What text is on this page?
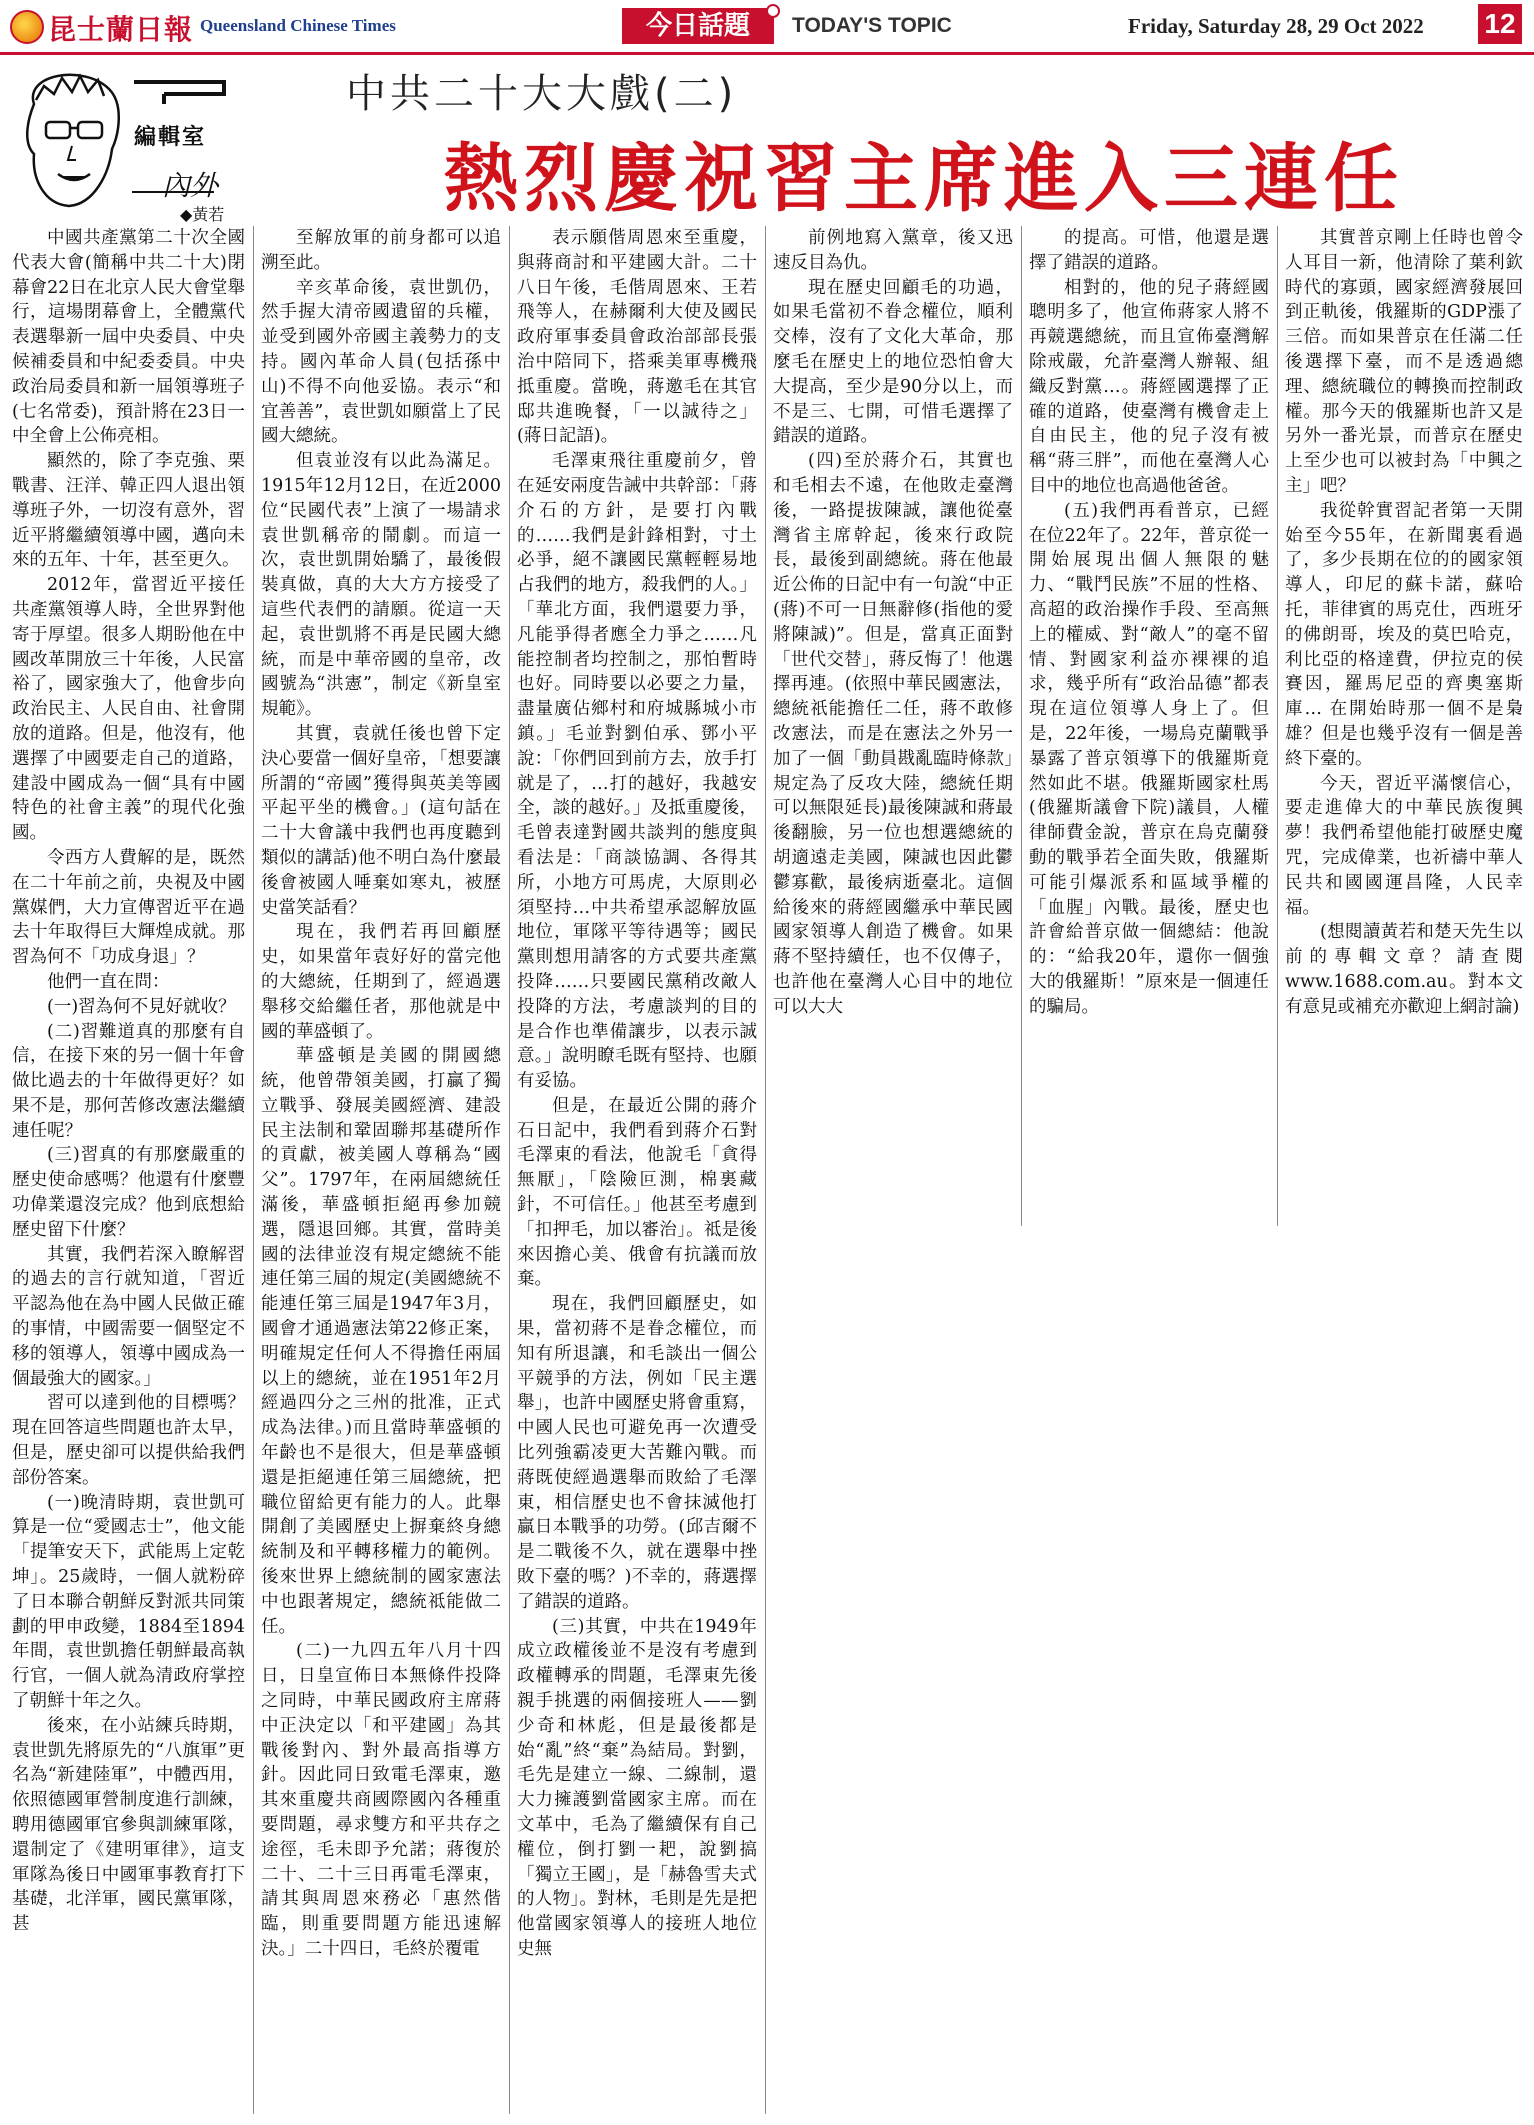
昆士蘭日報 Queensland Chinese Times	今日話題	TODAY'S TOPIC	Friday, Saturday 28, 29 Oct 2022 12
編輯室
內外
◆黃若
中共二十大大戲(二)
熱烈慶祝習主席進入三連任

中國共產黨第二十次全國代表大會(簡稱中共二十大)閉幕會22日在北京人民大會堂舉行，這場閉幕會上，全體黨代表選舉新一屆中央委員、中央候補委員和中紀委委員。中央政治局委員和新一屆領導班子(七名常委)，預計將在23日一中全會上公佈亮相。

顯然的，除了李克強、栗戰書、汪洋、韓正四人退出領導班子外，一切沒有意外，習近平將繼續領導中國，邁向未來的五年、十年，甚至更久。

2012年，當習近平接任共產黨領導人時，全世界對他寄于厚望。很多人期盼他在中國改革開放三十年後，人民富裕了，國家強大了，他會步向政治民主、人民自由、社會開放的道路。但是，他沒有，他選擇了中國要走自己的道路，建設中國成為一個“具有中國特色的社會主義”的現代化強國。

令西方人費解的是，既然在二十年前之前，央視及中國黨媒們，大力宣傳習近平在過去十年取得巨大輝煌成就。那習為何不「功成身退」？

他們一直在問：

(一)習為何不見好就收？

(二)習難道真的那麼有自信，在接下來的另一個十年會做比過去的十年做得更好？如果不是，那何苦修改憲法繼續連任呢？

(三)習真的有那麼嚴重的歷史使命感嗎？他還有什麼豐功偉業還沒完成？他到底想給歷史留下什麼？

其實，我們若深入瞭解習的過去的言行就知道，「習近平認為他在為中國人民做正確的事情，中國需要一個堅定不移的領導人，領導中國成為一個最強大的國家。」

習可以達到他的目標嗎？現在回答這些問題也許太早，但是，歷史卻可以提供給我們部份答案。

(一)晚清時期，袁世凱可算是一位“愛國志士”，他文能「提筆安天下，武能馬上定乾坤」。25歲時，一個人就粉碎了日本聯合朝鮮反對派共同策劃的甲申政變，1884至1894年間，袁世凱擔任朝鮮最高執行官，一個人就為清政府掌控了朝鮮十年之久。

後來，在小站練兵時期，袁世凱先將原先的“八旗軍”更名為“新建陸軍”，中體西用，依照德國軍營制度進行訓練，聘用德國軍官參與訓練軍隊，還制定了《建明軍律》，這支軍隊為後日中國軍事教育打下基礎，北洋軍，國民黨軍隊，甚

至解放軍的前身都可以追溯至此。

辛亥革命後，袁世凱仍，然手握大清帝國遺留的兵權，並受到國外帝國主義勢力的支持。國內革命人員(包括孫中山)不得不向他妥協。表示“和宜善善”，袁世凱如願當上了民國大總統。

但袁並沒有以此為滿足。1915年12月12日，在近2000位“民國代表”上演了一場請求袁世凱稱帝的鬧劇。而這一次，袁世凱開始驕了，最後假裝真做，真的大大方方接受了這些代表們的請願。從這一天起，袁世凱將不再是民國大總統，而是中華帝國的皇帝，改國號為“洪憲”，制定《新皇室規範》。

其實，袁就任後也曾下定決心要當一個好皇帝，「想要讓所謂的“帝國”獲得與英美等國平起平坐的機會。」(這句話在二十大會議中我們也再度聽到類似的講話)他不明白為什麼最後會被國人唾棄如寒丸，被歷史當笑話看？

現在，我們若再回顧歷史，如果當年袁好好的當完他的大總統，任期到了，經過選舉移交給繼任者，那他就是中國的華盛頓了。

華盛頓是美國的開國總統，他曾帶領美國，打贏了獨立戰爭、發展美國經濟、建設民主法制和鞏固聯邦基礎所作的貢獻，被美國人尊稱為“國父”。1797年，在兩屆總統任滿後，華盛頓拒絕再參加競選，隱退回鄉。其實，當時美國的法律並沒有規定總統不能連任第三屆的規定(美國總統不能連任第三屆是1947年3月，國會才通過憲法第22修正案，明確規定任何人不得擔任兩屆以上的總統，並在1951年2月經過四分之三州的批准，正式成為法律。)而且當時華盛頓的年齡也不是很大，但是華盛頓還是拒絕連任第三屆總統，把職位留給更有能力的人。此舉開創了美國歷史上摒棄終身總統制及和平轉移權力的範例。後來世界上總統制的國家憲法中也跟著規定，總統祗能做二任。

(二)一九四五年八月十四日，日皇宣佈日本無條件投降之同時，中華民國政府主席蔣中正決定以「和平建國」為其戰後對內、對外最高指導方針。因此同日致電毛澤東，邀其來重慶共商國際國內各種重要問題，尋求雙方和平共存之途徑，毛未即予允諾；蔣復於二十、二十三日再電毛澤東，請其與周恩來務必「惠然偕臨，則重要問題方能迅速解決。」二十四日，毛終於覆電

表示願偕周恩來至重慶，與蔣商討和平建國大計。二十八日午後，毛偕周恩來、王若飛等人，在赫爾利大使及國民政府軍事委員會政治部部長張治中陪同下，搭乘美軍專機飛抵重慶。當晚，蔣邀毛在其官邸共進晚餐，「一以誠待之」(蔣日記語)。

毛澤東飛往重慶前夕，曾在延安兩度告誡中共幹部：「蔣介石的方針，是要打內戰的……我們是針鋒相對，寸土必爭，絕不讓國民黨輕輕易地占我們的地方，殺我們的人。」「華北方面，我們還要力爭，凡能爭得者應全力爭之……凡能控制者均控制之，那怕暫時也好。同時要以必要之力量，盡量廣佔鄉村和府城縣城小市鎮。」毛並對劉伯承、鄧小平說：「你們回到前方去，放手打就是了，…打的越好，我越安全，談的越好。」及抵重慶後，毛曾表達對國共談判的態度與看法是：「商談協調、各得其所，小地方可馬虎，大原則必須堅持…中共希望承認解放區地位，軍隊平等待遇等；國民黨則想用請客的方式要共產黨投降……只要國民黨稍改敵人投降的方法，考慮談判的目的是合作也準備讓步，以表示誠意。」說明瞭毛既有堅持、也願有妥協。

但是，在最近公開的蔣介石日記中，我們看到蔣介石對毛澤東的看法，他說毛「貪得無厭」，「陰險叵測，棉裏藏針，不可信任。」他甚至考慮到「扣押毛，加以審治」。祗是後來因擔心美、俄會有抗議而放棄。

現在，我們回顧歷史，如果，當初蔣不是眷念權位，而知有所退讓，和毛談出一個公平競爭的方法，例如「民主選舉」，也許中國歷史將會重寫，中國人民也可避免再一次遭受比列強霸凌更大苦難內戰。而蔣既使經過選舉而敗給了毛澤東，相信歷史也不會抹滅他打贏日本戰爭的功勞。(邱吉爾不是二戰後不久，就在選舉中挫敗下臺的嗎？)不幸的，蔣選擇了錯誤的道路。

(三)其實，中共在1949年成立政權後並不是沒有考慮到政權轉承的問題，毛澤東先後親手挑選的兩個接班人——劉少奇和林彪，但是最後都是始“亂”終“棄”為結局。對劉，毛先是建立一線、二線制，還大力擁護劉當國家主席。而在文革中，毛為了繼續保有自己權位，倒打劉一耙，說劉搞「獨立王國」，是「赫魯雪夫式的人物」。對林，毛則是先是把他當國家領導人的接班人地位史無

前例地寫入黨章，後又迅速反目為仇。

現在歷史回顧毛的功過，如果毛當初不眷念權位，順利交棒，沒有了文化大革命，那麼毛在歷史上的地位恐怕會大大提高，至少是90分以上，而不是三、七開，可惜毛選擇了錯誤的道路。

(四)至於蔣介石，其實也和毛相去不遠，在他敗走臺灣後，一路提拔陳誠，讓他從臺灣省主席幹起，後來行政院長，最後到副總統。蔣在他最近公佈的日記中有一句說“中正(蔣)不可一日無辭修(指他的愛將陳誠)”。但是，當真正面對「世代交替」，蔣反悔了！他選擇再連。(依照中華民國憲法，總統祇能擔任二任，蔣不敢修改憲法，而是在憲法之外另一加了一個「動員戡亂臨時條款」規定為了反攻大陸，總統任期可以無限延長)最後陳誠和蔣最後翻臉，另一位也想選總統的胡適遠走美國，陳誠也因此鬱鬱寡歡，最後病逝臺北。這個給後來的蔣經國繼承中華民國國家領導人創造了機會。如果蔣不堅持續任，也不仅傳子，也許他在臺灣人心目中的地位可以大大

的提高。可惜，他還是選擇了錯誤的道路。

相對的，他的兒子蔣經國聰明多了，他宣佈蔣家人將不再競選總統，而且宣佈臺灣解除戒嚴，允許臺灣人辦報、組織反對黨…。蔣經國選擇了正確的道路，使臺灣有機會走上自由民主，他的兒子沒有被稱“蔣三胖”，而他在臺灣人心目中的地位也高過他爸爸。

(五)我們再看普京，已經在位22年了。22年，普京從一開始展現出個人無限的魅力、“戰鬥民族”不屈的性格、高超的政治操作手段、至高無上的權威、對“敵人”的毫不留情、對國家利益亦裸裸的追求，幾乎所有“政治品德”都表現在這位領導人身上了。但是，22年後，一場烏克蘭戰爭暴露了普京領導下的俄羅斯竟然如此不堪。俄羅斯國家杜馬(俄羅斯議會下院)議員，人權律師費金說，普京在烏克蘭發動的戰爭若全面失敗，俄羅斯可能引爆派系和區域爭權的「血腥」內戰。最後，歷史也許會給普京做一個總結：他說的：“給我20年，還你一個強大的俄羅斯！”原來是一個連任的騙局。

其實普京剛上任時也曾令人耳目一新，他清除了葉利欽時代的寡頭，國家經濟發展回到正軌後，俄羅斯的GDP漲了三倍。而如果普京在任滿二任後選擇下臺，而不是透過總理、總統職位的轉換而控制政權。那今天的俄羅斯也許又是另外一番光景，而普京在歷史上至少也可以被封為「中興之主」吧？

我從幹實習記者第一天開始至今55年，在新聞裏看過了，多少長期在位的的國家領導人，印尼的蘇卡諾，蘇哈托，菲律賓的馬克仕，西班牙的佛朗哥，埃及的莫巴哈克，利比亞的格達費，伊拉克的侯賽因，羅馬尼亞的齊奧塞斯庫… 在開始時那一個不是梟雄？但是也幾乎沒有一個是善終下臺的。

今天，習近平滿懷信心，要走進偉大的中華民族復興夢！我們希望他能打破歷史魔咒，完成偉業，也祈禱中華人民共和國國運昌隆，人民幸福。

(想閱讀黃若和楚天先生以前的專輯文章？請查閱www.1688.com.au。對本文有意見或補充亦歡迎上網討論)
